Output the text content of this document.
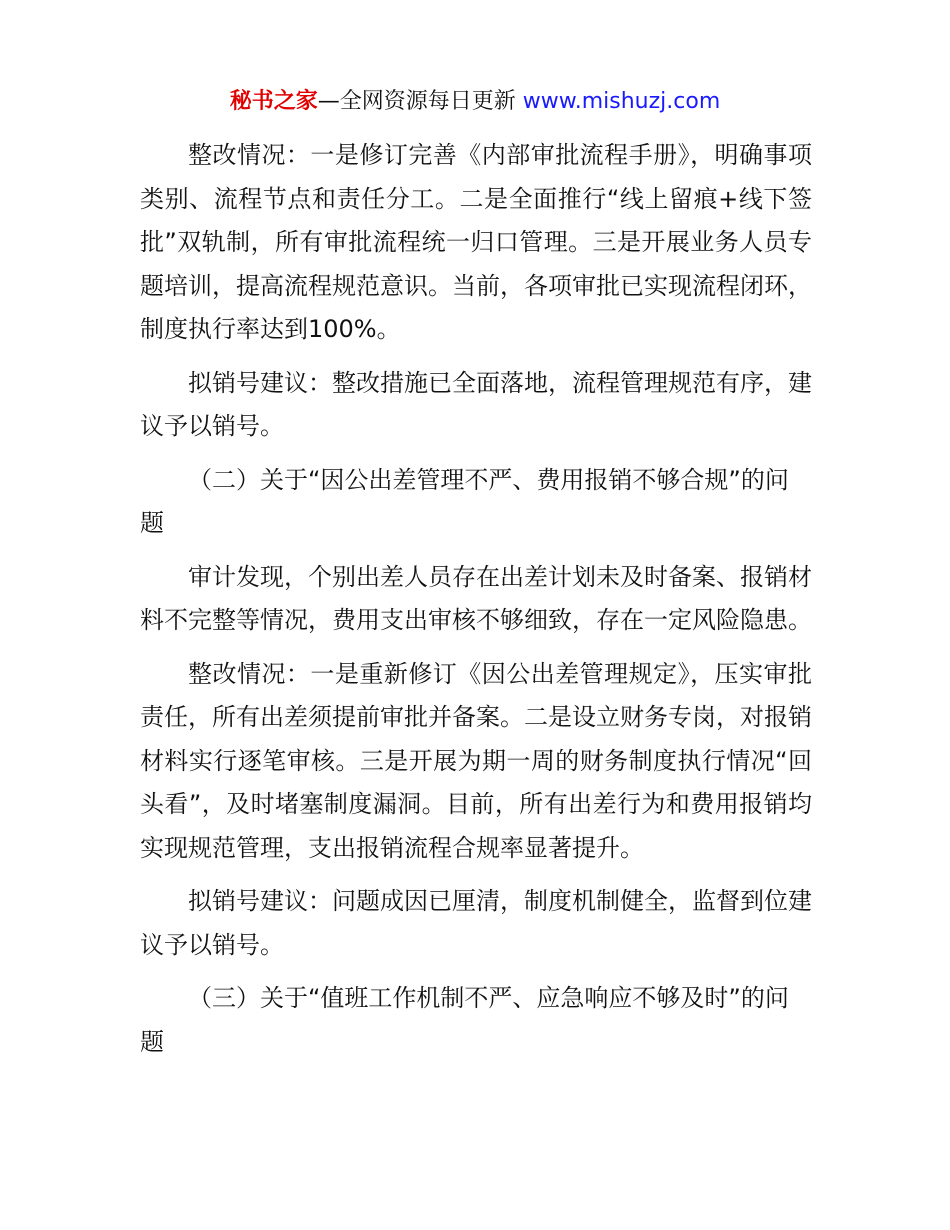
秘书之家—全网资源每日更新 www.mishuzj.com

整改情况：一是修订完善《内部审批流程手册》，明确事项类别、流程节点和责任分工。二是全面推行“线上留痕+线下签批”双轨制，所有审批流程统一归口管理。三是开展业务人员专题培训，提高流程规范意识。当前，各项审批已实现流程闭环，制度执行率达到100%。

拟销号建议：整改措施已全面落地，流程管理规范有序，建议予以销号。

（二）关于“因公出差管理不严、费用报销不够合规”的问题

审计发现，个别出差人员存在出差计划未及时备案、报销材料不完整等情况，费用支出审核不够细致，存在一定风险隐患。

整改情况：一是重新修订《因公出差管理规定》，压实审批责任，所有出差须提前审批并备案。二是设立财务专岗，对报销材料实行逐笔审核。三是开展为期一周的财务制度执行情况“回头看”，及时堵塞制度漏洞。目前，所有出差行为和费用报销均实现规范管理，支出报销流程合规率显著提升。

拟销号建议：问题成因已厘清，制度机制健全，监督到位建议予以销号。

（三）关于“值班工作机制不严、应急响应不够及时”的问题
